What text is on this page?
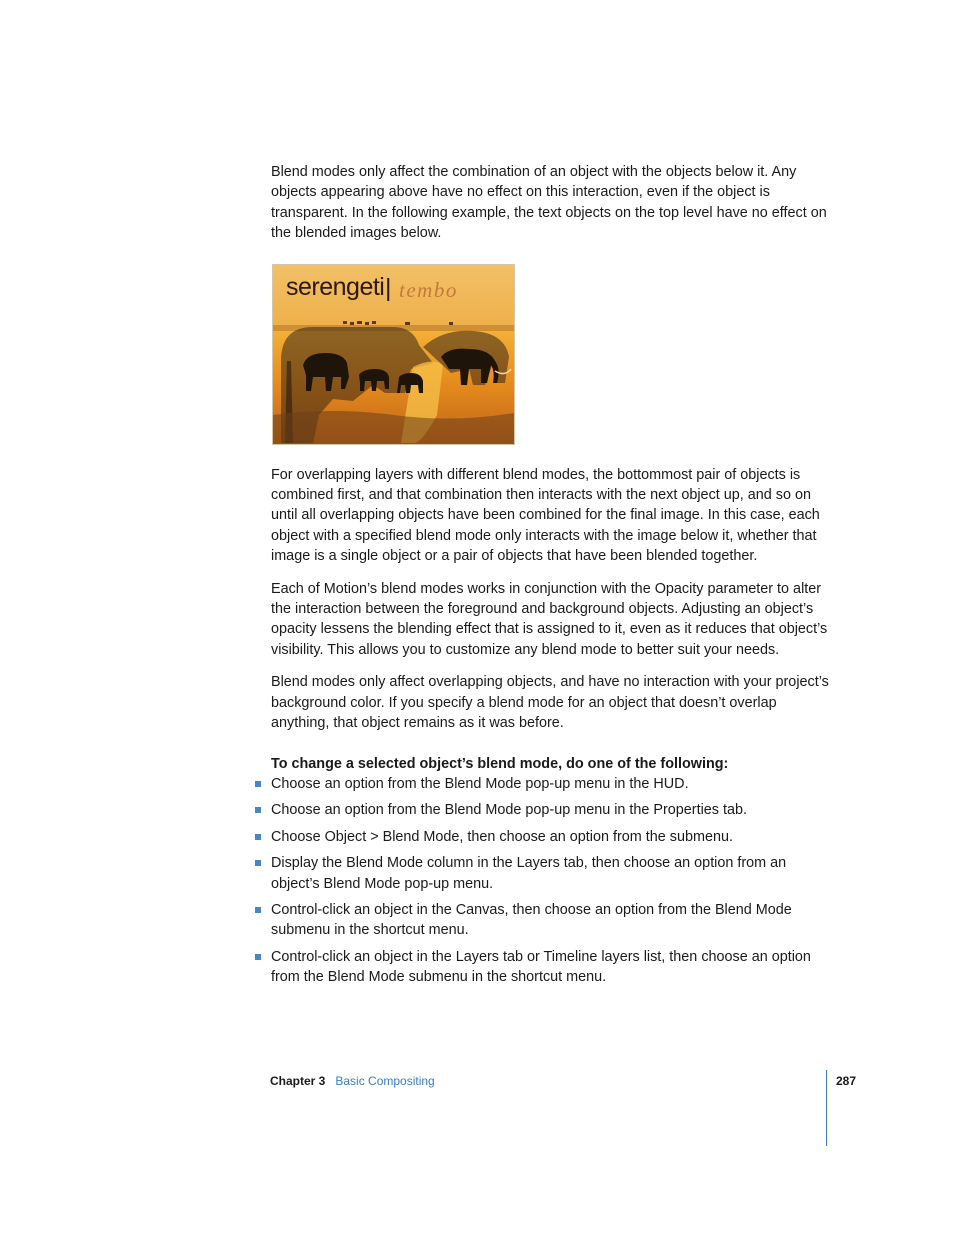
Blend modes only affect the combination of an object with the objects below it. Any objects appearing above have no effect on this interaction, even if the object is transparent. In the following example, the text objects on the top level have no effect on the blended images below.

serengeti | tembo

For overlapping layers with different blend modes, the bottommost pair of objects is combined first, and that combination then interacts with the next object up, and so on until all overlapping objects have been combined for the final image. In this case, each object with a specified blend mode only interacts with the image below it, whether that image is a single object or a pair of objects that have been blended together.

Each of Motion’s blend modes works in conjunction with the Opacity parameter to alter the interaction between the foreground and background objects. Adjusting an object’s opacity lessens the blending effect that is assigned to it, even as it reduces that object’s visibility. This allows you to customize any blend mode to better suit your needs.

Blend modes only affect overlapping objects, and have no interaction with your project’s background color. If you specify a blend mode for an object that doesn’t overlap anything, that object remains as it was before.

To change a selected object’s blend mode, do one of the following:

Choose an option from the Blend Mode pop-up menu in the HUD.
Choose an option from the Blend Mode pop-up menu in the Properties tab.
Choose Object > Blend Mode, then choose an option from the submenu.
Display the Blend Mode column in the Layers tab, then choose an option from an object’s Blend Mode pop-up menu.
Control-click an object in the Canvas, then choose an option from the Blend Mode submenu in the shortcut menu.
Control-click an object in the Layers tab or Timeline layers list, then choose an option from the Blend Mode submenu in the shortcut menu.
Chapter 3 Basic Compositing	287
